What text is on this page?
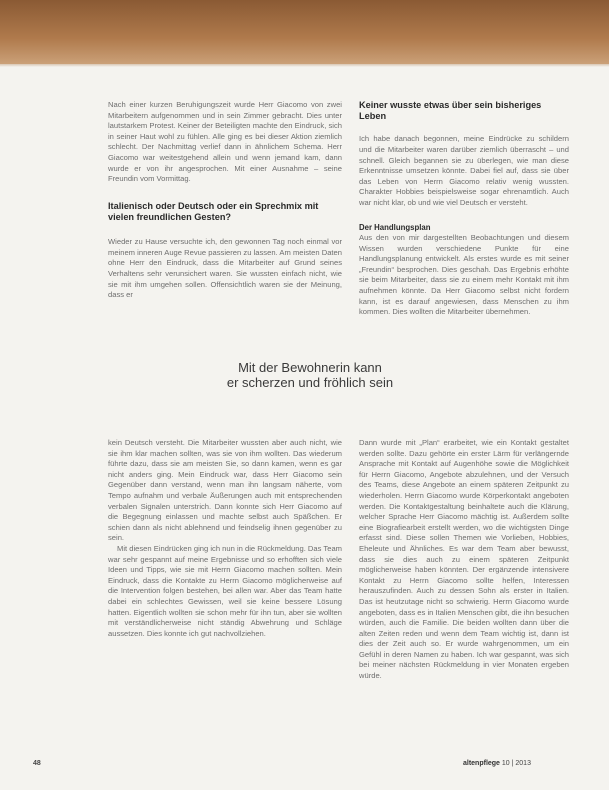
Nach einer kurzen Beruhigungszeit wurde Herr Giacomo von zwei Mitarbeitern aufgenommen und in sein Zimmer gebracht. Dies unter lautstarkem Protest. Keiner der Beteiligten machte den Eindruck, sich in seiner Haut wohl zu fühlen. Alle ging es bei dieser Aktion ziemlich schlecht. Der Nachmittag verlief dann in ähnlichem Schema. Herr Giacomo war weitestgehend allein und wenn jemand kam, dann wurde er von ihr angesprochen. Mit einer Ausnahme – seine Freundin vom Vormittag.

Italienisch oder Deutsch oder ein Sprechmix mit vielen freundlichen Gesten?

Wieder zu Hause versuchte ich, den gewonnen Tag noch einmal vor meinem inneren Auge Revue passieren zu lassen. Am meisten Daten ohne Herr den Eindruck, dass die Mitarbeiter auf Grund seines Verhaltens sehr verunsichert waren. Sie wussten einfach nicht, wie sie mit ihm umgehen sollen. Offensichtlich waren sie der Meinung, dass er

Keiner wusste etwas über sein bisheriges Leben

Ich habe danach begonnen, meine Eindrücke zu schildern und die Mitarbeiter waren darüber ziemlich überrascht – und schnell. Gleich begannen sie zu überlegen, wie man diese Erkenntnisse umsetzen könnte. Dabei fiel auf, dass sie über das Leben von Herrn Giacomo relativ wenig wussten. Charakter Hobbies beispielsweise sogar ehrenamtlich. Auch war nicht klar, ob und wie viel Deutsch er versteht.

Der Handlungsplan

Aus den von mir dargestellten Beobachtungen und diesem Wissen wurden verschiedene Punkte für eine Handlungsplanung entwickelt. Als erstes wurde es mit seiner „Freundin“ besprochen. Dies geschah. Das Ergebnis erhöhte sie beim Mitarbeiter, dass sie zu einem mehr Kontakt mit ihm aufnehmen könnte. Da Herr Giacomo selbst nicht fordern kann, ist es darauf angewiesen, dass Menschen zu ihm kommen. Dies wollten die Mitarbeiter übernehmen.

Mit der Bewohnerin kann
er scherzen und fröhlich sein

kein Deutsch versteht. Die Mitarbeiter wussten aber auch nicht, wie sie ihm klar machen sollten, was sie von ihm wollten. Das wiederum führte dazu, dass sie am meisten Sie, so dann kamen, wenn es gar nicht anders ging. Mein Eindruck war, dass Herr Giacomo sein Gegenüber dann verstand, wenn man ihn langsam näherte, vom Tempo aufnahm und verbale Äußerungen auch mit entsprechenden verbalen Signalen unterstrich. Dann konnte sich Herr Giacomo auf die Begegnung einlassen und machte selbst auch Späßchen. Er schien dann als nicht ablehnend und feindselig ihnen gegenüber zu sein.

Mit diesen Eindrücken ging ich nun in die Rückmeldung. Das Team war sehr gespannt auf meine Ergebnisse und so erhofften sich viele Ideen und Tipps, wie sie mit Herrn Giacomo machen sollten. Mein Eindruck, dass die Kontakte zu Herrn Giacomo möglicherweise auf die Intervention folgen bestehen, bei allen war. Aber das Team hatte dabei ein schlechtes Gewissen, weil sie keine bessere Lösung hatten. Eigentlich wollten sie schon mehr für ihn tun, aber sie wollten mit verständlicherweise nicht ständig Abwehrung und Schläge aussetzen. Dies konnte ich gut nachvollziehen.

Dann wurde mit „Plan“ erarbeitet, wie ein Kontakt gestaltet werden sollte. Dazu gehörte ein erster Lärm für verlängernde Ansprache mit Kontakt auf Augenhöhe sowie die Möglichkeit für Herrn Giacomo, Angebote abzulehnen, und der Versuch des Teams, diese Angebote an einem späteren Zeitpunkt zu wiederholen. Herrn Giacomo wurde Körperkontakt angeboten werden. Die Kontaktgestaltung beinhaltete auch die Klärung, welcher Sprache Herr Giacomo mächtig ist. Außerdem sollte eine Biografiearbeit erstellt werden, wo die wichtigsten Dinge erfasst sind. Diese sollen Themen wie Vorlieben, Hobbies, Eheleute und Ähnliches. Es war dem Team aber bewusst, dass sie dies auch zu einem späteren Zeitpunkt möglicherweise haben könnten. Der ergänzende intensivere Kontakt zu Herrn Giacomo sollte helfen, Interessen herauszufinden. Auch zu dessen Sohn als erster in Italien. Das ist heutzutage nicht so schwierig. Herrn Giacomo wurde angeboten, dass es in Italien Menschen gibt, die ihn besuchen würden, auch die Familie. Die beiden wollten dann über die alten Zeiten reden und wenn dem Team wichtig ist, dann ist dies der Zeit auch so. Er wurde wahrgenommen, um ein Gefühl in deren Namen zu haben. Ich war gespannt, was sich bei meiner nächsten Rückmeldung in vier Monaten ergeben würde.

48	altenpflege 10 | 2013
